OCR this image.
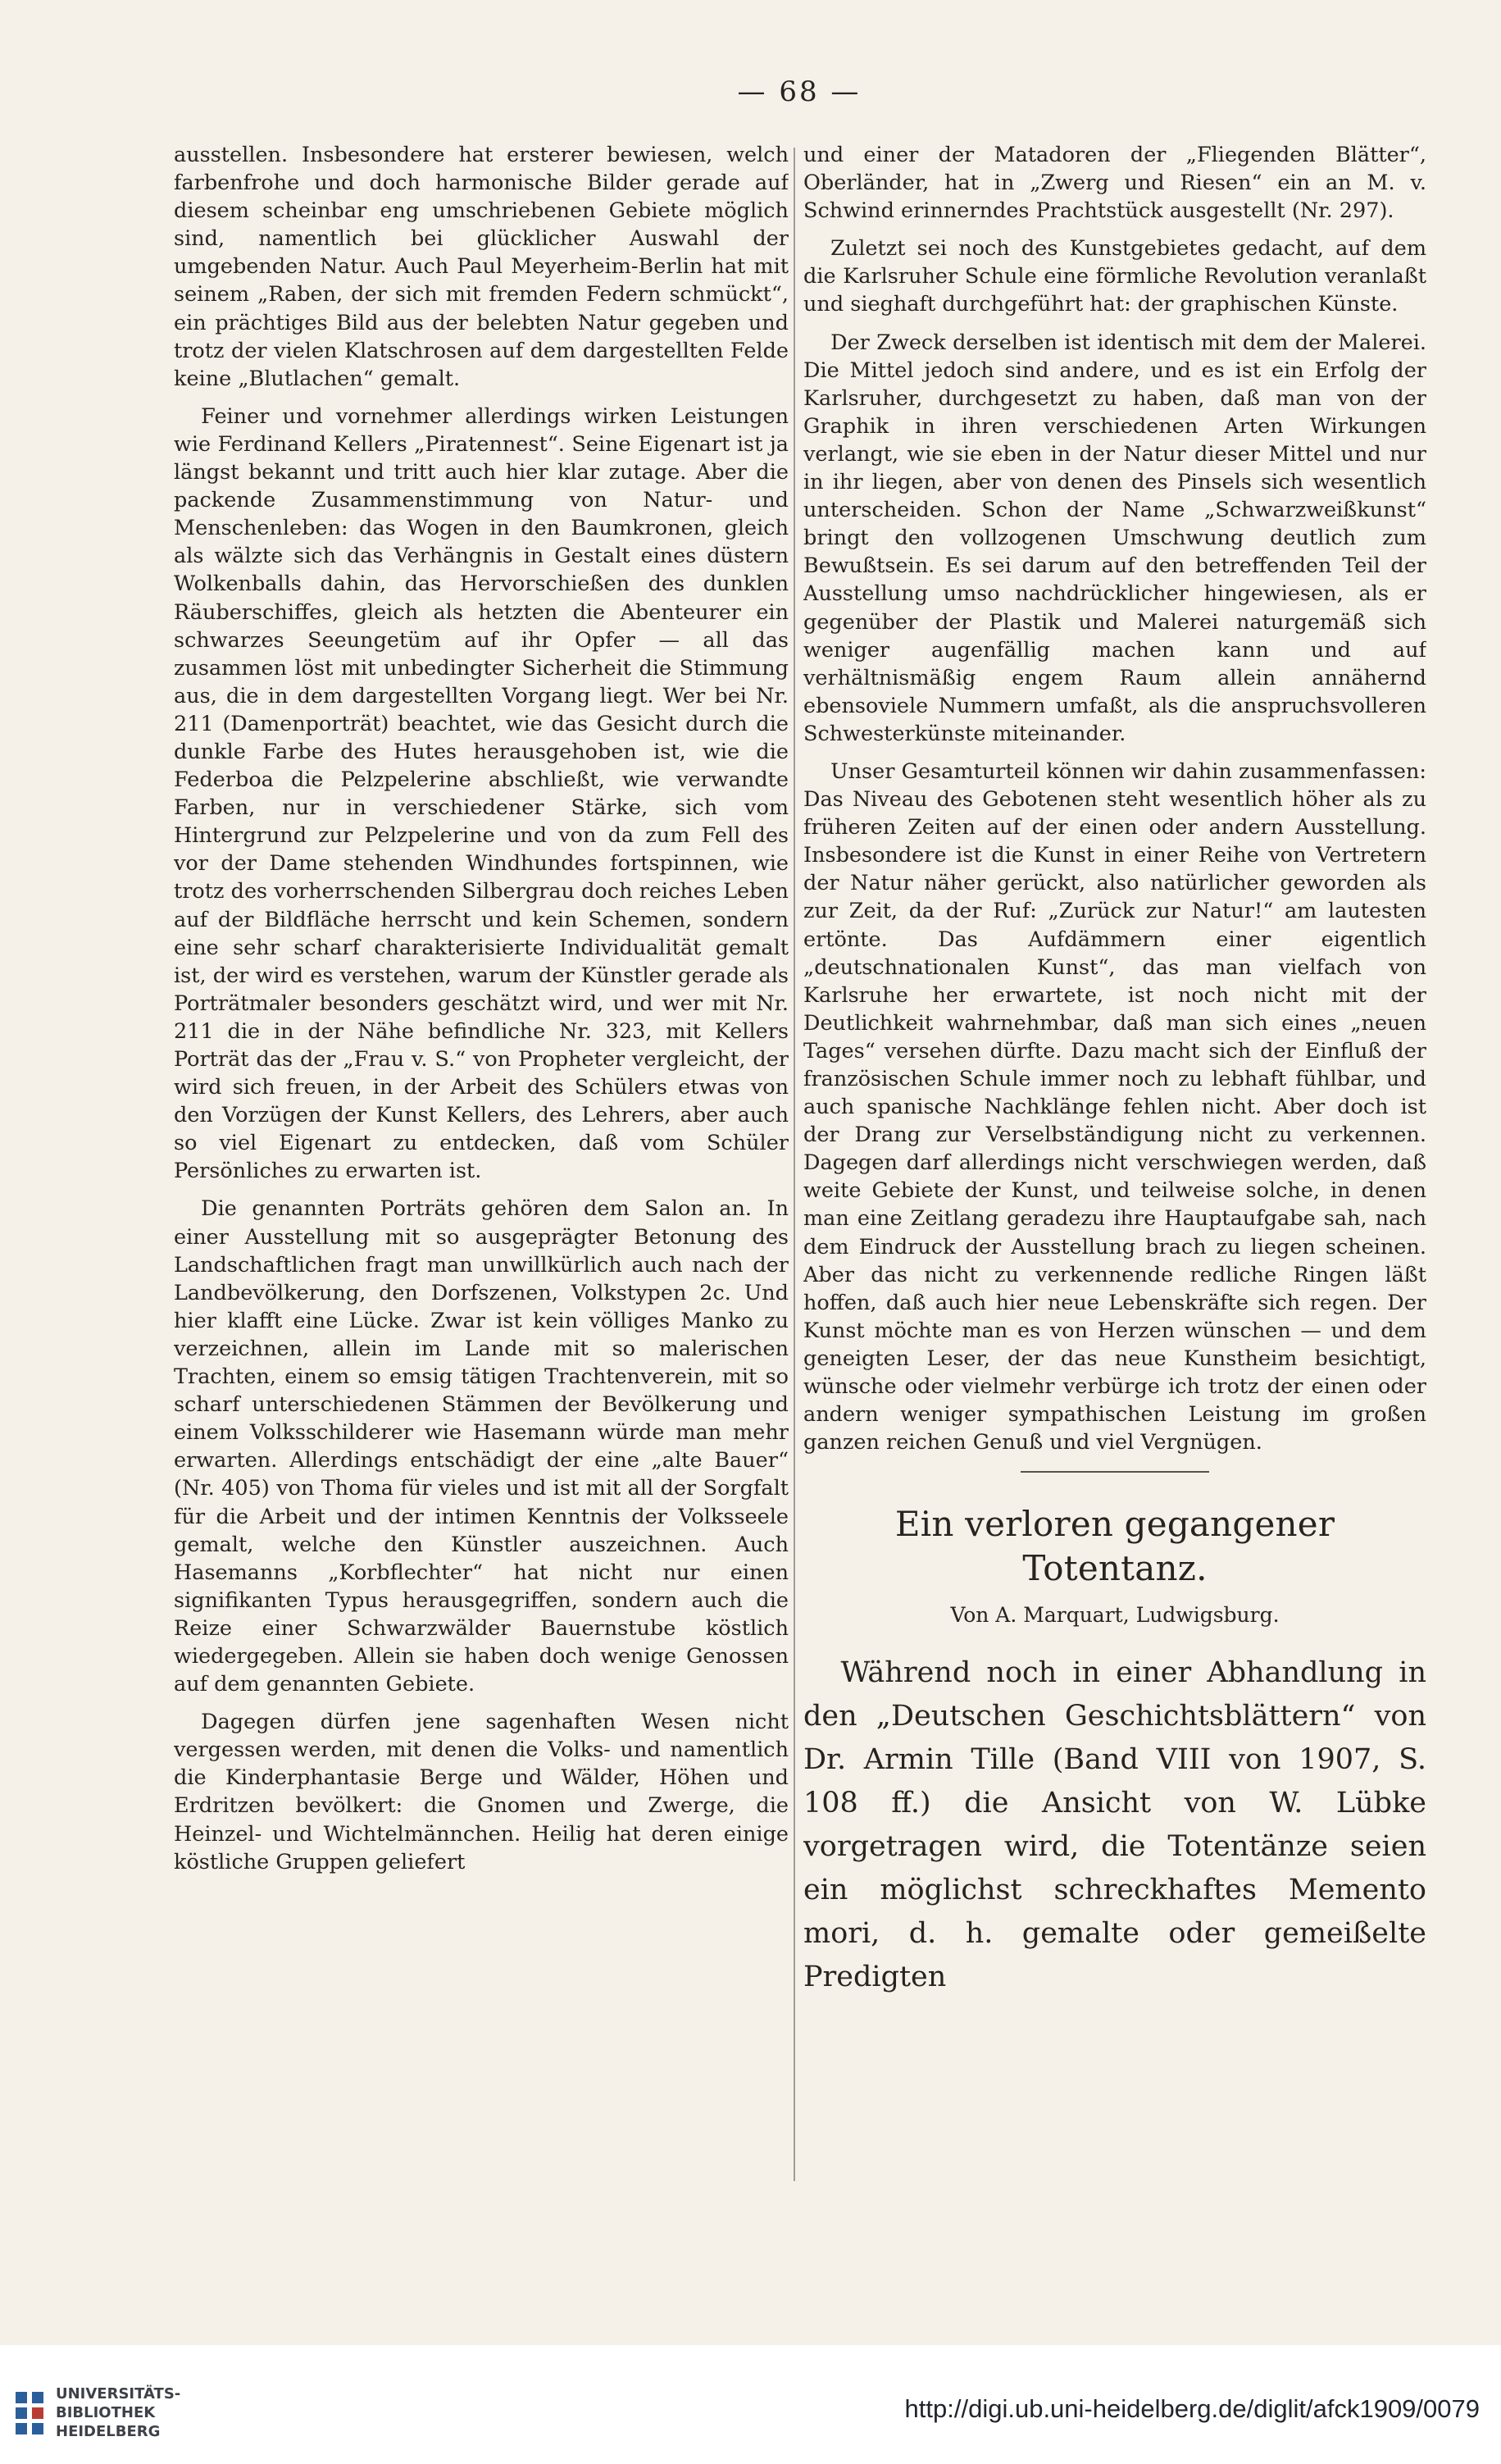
— 68 —

ausstellen. Insbesondere hat ersterer bewiesen, welch farbenfrohe und doch harmonische Bilder gerade auf diesem scheinbar eng umschriebenen Gebiete möglich sind, namentlich bei glücklicher Auswahl der umgebenden Natur. Auch Paul Meyerheim-Berlin hat mit seinem „Raben, der sich mit fremden Federn schmückt“, ein prächtiges Bild aus der belebten Natur gegeben und trotz der vielen Klatschrosen auf dem dargestellten Felde keine „Blutlachen“ gemalt.

Feiner und vornehmer allerdings wirken Leistungen wie Ferdinand Kellers „Piratennest“. Seine Eigenart ist ja längst bekannt und tritt auch hier klar zutage. Aber die packende Zusammenstimmung von Natur- und Menschenleben: das Wogen in den Baumkronen, gleich als wälzte sich das Verhängnis in Gestalt eines düstern Wolkenballs dahin, das Hervorschießen des dunklen Räuberschiffes, gleich als hetzten die Abenteurer ein schwarzes Seeungetüm auf ihr Opfer — all das zusammen löst mit unbedingter Sicherheit die Stimmung aus, die in dem dargestellten Vorgang liegt. Wer bei Nr. 211 (Damenporträt) beachtet, wie das Gesicht durch die dunkle Farbe des Hutes herausgehoben ist, wie die Federboa die Pelzpelerine abschließt, wie verwandte Farben, nur in verschiedener Stärke, sich vom Hintergrund zur Pelzpelerine und von da zum Fell des vor der Dame stehenden Windhundes fortspinnen, wie trotz des vorherrschenden Silbergrau doch reiches Leben auf der Bildfläche herrscht und kein Schemen, sondern eine sehr scharf charakterisierte Individualität gemalt ist, der wird es verstehen, warum der Künstler gerade als Porträtmaler besonders geschätzt wird, und wer mit Nr. 211 die in der Nähe befindliche Nr. 323, mit Kellers Porträt das der „Frau v. S.“ von Propheter vergleicht, der wird sich freuen, in der Arbeit des Schülers etwas von den Vorzügen der Kunst Kellers, des Lehrers, aber auch so viel Eigenart zu entdecken, daß vom Schüler Persönliches zu erwarten ist.

Die genannten Porträts gehören dem Salon an. In einer Ausstellung mit so ausgeprägter Betonung des Landschaftlichen fragt man unwillkürlich auch nach der Landbevölkerung, den Dorfszenen, Volkstypen 2c. Und hier klafft eine Lücke. Zwar ist kein völliges Manko zu verzeichnen, allein im Lande mit so malerischen Trachten, einem so emsig tätigen Trachtenverein, mit so scharf unterschiedenen Stämmen der Bevölkerung und einem Volksschilderer wie Hasemann würde man mehr erwarten. Allerdings entschädigt der eine „alte Bauer“ (Nr. 405) von Thoma für vieles und ist mit all der Sorgfalt für die Arbeit und der intimen Kenntnis der Volksseele gemalt, welche den Künstler auszeichnen. Auch Hasemanns „Korbflechter“ hat nicht nur einen signifikanten Typus herausgegriffen, sondern auch die Reize einer Schwarzwälder Bauernstube köstlich wiedergegeben. Allein sie haben doch wenige Genossen auf dem genannten Gebiete.

Dagegen dürfen jene sagenhaften Wesen nicht vergessen werden, mit denen die Volks- und namentlich die Kinderphantasie Berge und Wälder, Höhen und Erdritzen bevölkert: die Gnomen und Zwerge, die Heinzel- und Wichtelmännchen. Heilig hat deren einige köstliche Gruppen geliefert

und einer der Matadoren der „Fliegenden Blätter“, Oberländer, hat in „Zwerg und Riesen“ ein an M. v. Schwind erinnerndes Prachtstück ausgestellt (Nr. 297).

Zuletzt sei noch des Kunstgebietes gedacht, auf dem die Karlsruher Schule eine förmliche Revolution veranlaßt und sieghaft durchgeführt hat: der graphischen Künste.

Der Zweck derselben ist identisch mit dem der Malerei. Die Mittel jedoch sind andere, und es ist ein Erfolg der Karlsruher, durchgesetzt zu haben, daß man von der Graphik in ihren verschiedenen Arten Wirkungen verlangt, wie sie eben in der Natur dieser Mittel und nur in ihr liegen, aber von denen des Pinsels sich wesentlich unterscheiden. Schon der Name „Schwarzweißkunst“ bringt den vollzogenen Umschwung deutlich zum Bewußtsein. Es sei darum auf den betreffenden Teil der Ausstellung umso nachdrücklicher hingewiesen, als er gegenüber der Plastik und Malerei naturgemäß sich weniger augenfällig machen kann und auf verhältnismäßig engem Raum allein annähernd ebensoviele Nummern umfaßt, als die anspruchsvolleren Schwesterkünste miteinander.

Unser Gesamturteil können wir dahin zusammenfassen: Das Niveau des Gebotenen steht wesentlich höher als zu früheren Zeiten auf der einen oder andern Ausstellung. Insbesondere ist die Kunst in einer Reihe von Vertretern der Natur näher gerückt, also natürlicher geworden als zur Zeit, da der Ruf: „Zurück zur Natur!“ am lautesten ertönte. Das Aufdämmern einer eigentlich „deutschnationalen Kunst“, das man vielfach von Karlsruhe her erwartete, ist noch nicht mit der Deutlichkeit wahrnehmbar, daß man sich eines „neuen Tages“ versehen dürfte. Dazu macht sich der Einfluß der französischen Schule immer noch zu lebhaft fühlbar, und auch spanische Nachklänge fehlen nicht. Aber doch ist der Drang zur Verselbständigung nicht zu verkennen. Dagegen darf allerdings nicht verschwiegen werden, daß weite Gebiete der Kunst, und teilweise solche, in denen man eine Zeitlang geradezu ihre Hauptaufgabe sah, nach dem Eindruck der Ausstellung brach zu liegen scheinen. Aber das nicht zu verkennende redliche Ringen läßt hoffen, daß auch hier neue Lebenskräfte sich regen. Der Kunst möchte man es von Herzen wünschen — und dem geneigten Leser, der das neue Kunstheim besichtigt, wünsche oder vielmehr verbürge ich trotz der einen oder andern weniger sympathischen Leistung im großen ganzen reichen Genuß und viel Vergnügen.

Ein verloren gegangener Totentanz.
Von A. Marquart, Ludwigsburg.

Während noch in einer Abhandlung in den „Deutschen Geschichtsblättern“ von Dr. Armin Tille (Band VIII von 1907, S. 108 ff.) die Ansicht von W. Lübke vorgetragen wird, die Totentänze seien ein möglichst schreckhaftes Memento mori, d. h. gemalte oder gemeißelte Predigten

UNIVERSITÄTS-
BIBLIOTHEK
HEIDELBERG
http://digi.ub.uni-heidelberg.de/diglit/afck1909/0079
